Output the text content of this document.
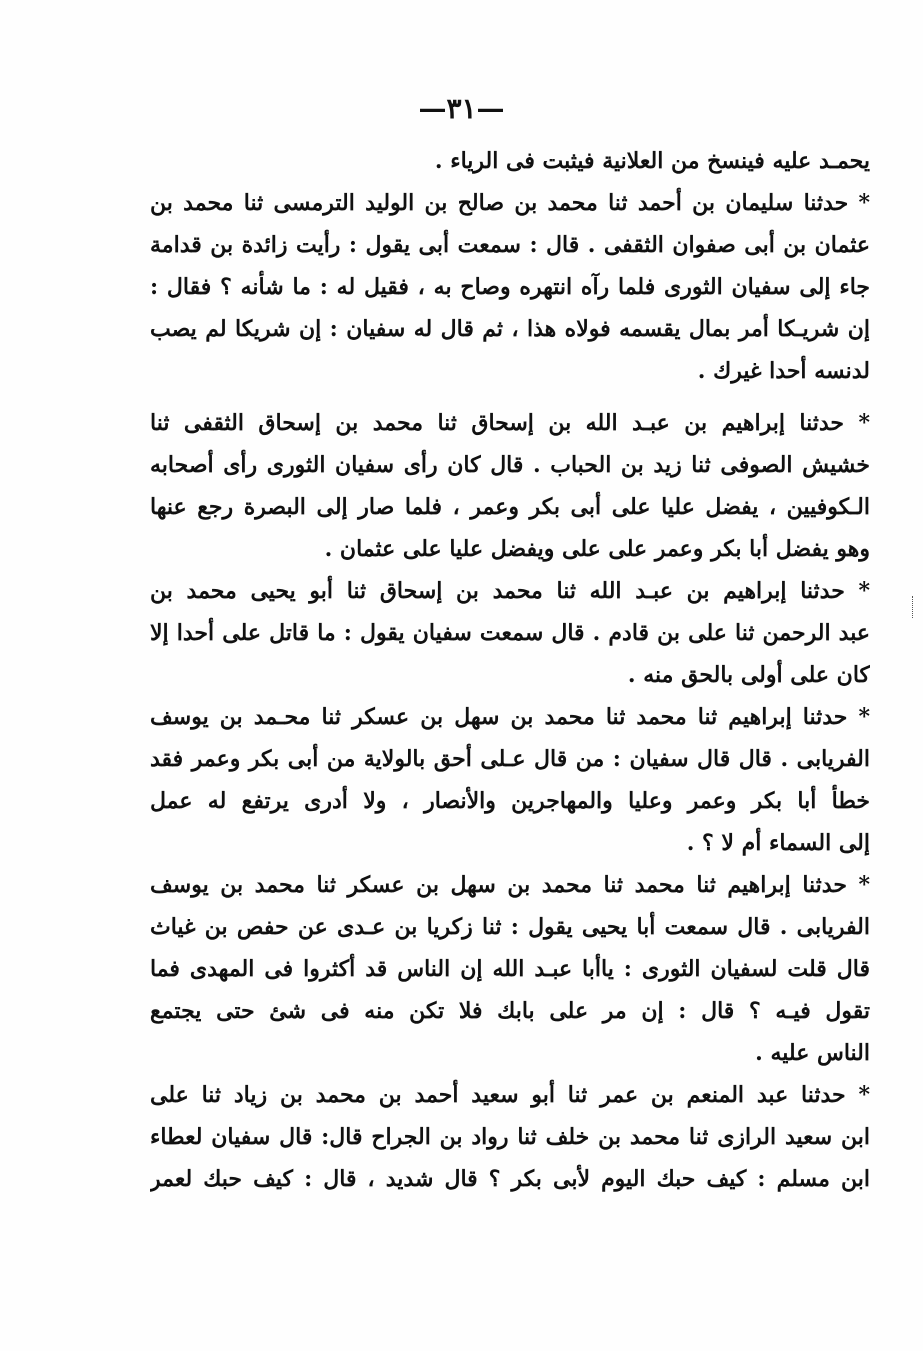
—٣١—
يحمـد عليه فينسخ من العلانية فيثبت فى الرياء .
* حدثنا سليمان بن أحمد ثنا محمد بن صالح بن الوليد الترمسى ثنا محمد بن
عثمان بن أبى صفوان الثقفى . قال : سمعت أبى يقول : رأيت زائدة بن قدامة
جاء إلى سفيان الثورى فلما رآه انتهره وصاح به ، فقيل له : ما شأنه ؟ فقال :
إن شريـكا أمر بمال يقسمه فولاه هذا ، ثم قال له سفيان : إن شريكا لم يصب
لدنسه أحدا غيرك .
* حدثنا إبراهيم بن عبـد الله بن إسحاق ثنا محمد بن إسحاق الثقفى ثنا
خشيش الصوفى ثنا زيد بن الحباب . قال كان رأى سفيان الثورى رأى أصحابه
الـكوفيين ، يفضل عليا على أبى بكر وعمر ، فلما صار إلى البصرة رجع عنها
وهو يفضل أبا بكر وعمر على على ويفضل عليا على عثمان .
* حدثنا إبراهيم بن عبـد الله ثنا محمد بن إسحاق ثنا أبو يحيى محمد بن
عبد الرحمن ثنا على بن قادم . قال سمعت سفيان يقول : ما قاتل على أحدا إلا
كان على أولى بالحق منه .
* حدثنا إبراهيم ثنا محمد ثنا محمد بن سهل بن عسكر ثنا محـمد بن يوسف
الفريابى . قال قال سفيان : من قال عـلى أحق بالولاية من أبى بكر وعمر فقد
خطأ أبا بكر وعمر وعليا والمهاجرين والأنصار ، ولا أدرى يرتفع له عمل
إلى السماء أم لا ؟ .
* حدثنا إبراهيم ثنا محمد ثنا محمد بن سهل بن عسكر ثنا محمد بن يوسف
الفريابى . قال سمعت أبا يحيى يقول : ثنا زكريا بن عـدى عن حفص بن غياث
قال قلت لسفيان الثورى : ياأبا عبـد الله إن الناس قد أكثروا فى المهدى فما
تقول فيـه ؟ قال : إن مر على بابك فلا تكن منه فى شئ حتى يجتمع
الناس عليه .
* حدثنا عبد المنعم بن عمر ثنا أبو سعيد أحمد بن محمد بن زياد ثنا على
ابن سعيد الرازى ثنا محمد بن خلف ثنا رواد بن الجراح قال: قال سفيان لعطاء
ابن مسلم : كيف حبك اليوم لأبى بكر ؟ قال شديد ، قال : كيف حبك لعمر
